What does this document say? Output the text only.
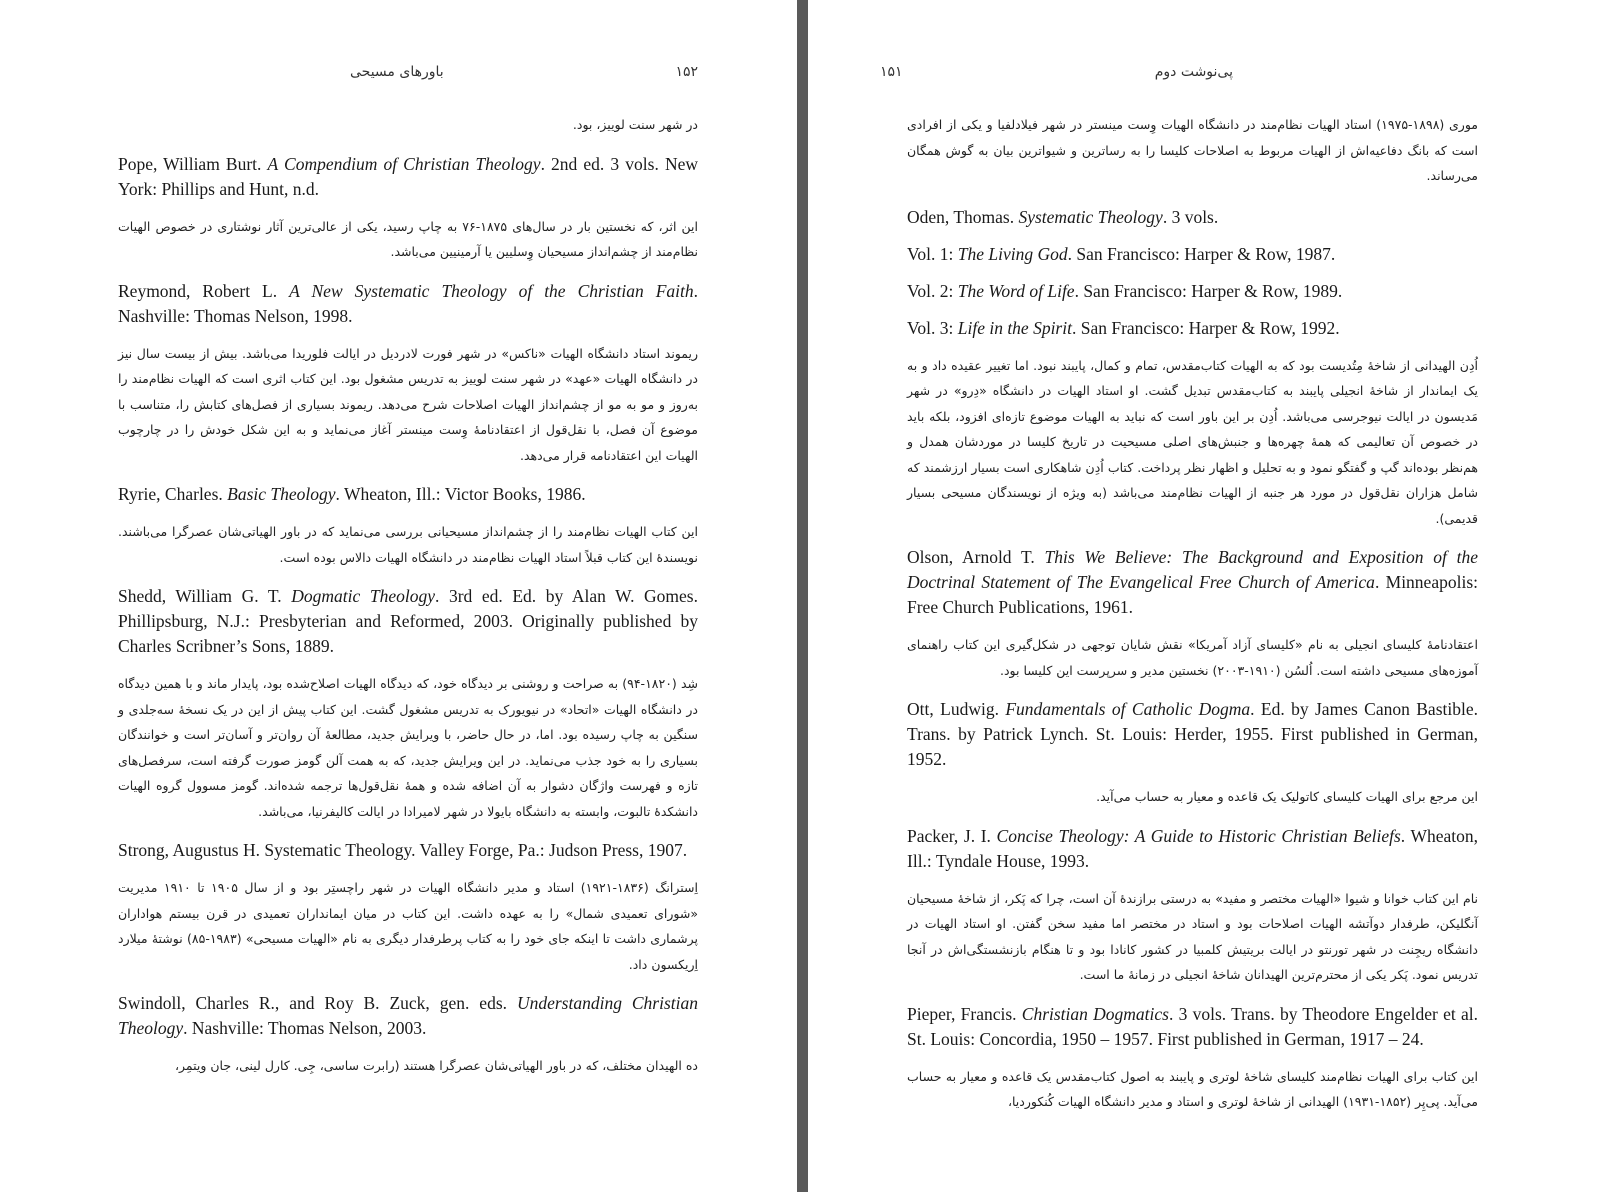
باورهای مسیحی	۱۵۲

در شهر سنت لوییز، بود.

Pope, William Burt. A Compendium of Christian Theology. 2nd ed. 3 vols. New York: Phillips and Hunt, n.d.

این اثر، که نخستین بار در سال‌های ۱۸۷۵-۷۶ به چاپ رسید، یکی از عالی‌ترین آثار نوشتاری در خصوص الهیات نظام‌مند از چشم‌انداز مسیحیان وِسلیین یا آرمینیین می‌باشد.

Reymond, Robert L. A New Systematic Theology of the Christian Faith. Nashville: Thomas Nelson, 1998.

ریموند استاد دانشگاه الهیات «ناکس» در شهر فورت لادردیل در ایالت فلوریدا می‌باشد. بیش از بیست سال نیز در دانشگاه الهیات «عهد» در شهر سنت لوییز به تدریس مشغول بود. این کتاب اثری است که الهیات نظام‌مند را به‌روز و مو به مو از چشم‌انداز الهیات اصلاحات شرح می‌دهد. ریموند بسیاری از فصل‌های کتابش را، متناسب با موضوع آن فصل، با نقل‌قول از اعتقادنامهٔ وِست مینستر آغاز می‌نماید و به این شکل خودش را در چارچوب الهیات این اعتقادنامه قرار می‌دهد.

Ryrie, Charles. Basic Theology. Wheaton, Ill.: Victor Books, 1986.

این کتاب الهیات نظام‌مند را از چشم‌انداز مسیحیانی بررسی می‌نماید که در باور الهیاتی‌شان عصرگرا می‌باشند. نویسندهٔ این کتاب قبلاً استاد الهیات نظام‌مند در دانشگاه الهیات دالاس بوده است.

Shedd, William G. T. Dogmatic Theology. 3rd ed. Ed. by Alan W. Gomes. Phillipsburg, N.J.: Presbyterian and Reformed, 2003. Originally published by Charles Scribner’s Sons, 1889.

شِد (۱۸۲۰-۹۴) به صراحت و روشنی بر دیدگاه خود، که دیدگاه الهیات اصلاح‌شده بود، پایدار ماند و با همین دیدگاه در دانشگاه الهیات «اتحاد» در نیویورک به تدریس مشغول گشت. این کتاب پیش از این در یک نسخهٔ سه‌جلدی و سنگین به چاپ رسیده بود. اما، در حال حاضر، با ویرایش جدید، مطالعهٔ آن روان‌تر و آسان‌تر است و خوانندگان بسیاری را به خود جذب می‌نماید. در این ویرایش جدید، که به همت آلن گومز صورت گرفته است، سرفصل‌های تازه و فهرست واژگان دشوار به آن اضافه شده و همهٔ نقل‌قول‌ها ترجمه شده‌اند. گومز مسوول گروه الهیات دانشکدهٔ تالبوت، وابسته به دانشگاه بایولا در شهر لامیرادا در ایالت کالیفرنیا، می‌باشد.

Strong, Augustus H. Systematic Theology. Valley Forge, Pa.: Judson Press, 1907.

اِسترانگ (۱۸۳۶-۱۹۲۱) استاد و مدیر دانشگاه الهیات در شهر راچستِر بود و از سال ۱۹۰۵ تا ۱۹۱۰ مدیریت «شورای تعمیدی شمال» را به عهده داشت. این کتاب در میان ایمانداران تعمیدی در قرن بیستم هواداران پرشماری داشت تا اینکه جای خود را به کتاب پرطرفدار دیگری به نام «الهیات مسیحی» (۱۹۸۳-۸۵) نوشتهٔ میلارد اِریکسون داد.

Swindoll, Charles R., and Roy B. Zuck, gen. eds. Understanding Christian Theology. Nashville: Thomas Nelson, 2003.

ده الهیدان مختلف، که در باور الهیاتی‌شان عصرگرا هستند (رابرت ساسی، جِی. کارل لینی، جان ویتمِر،

۱۵۱	پی‌نوشت دوم

موری (۱۸۹۸-۱۹۷۵) استاد الهیات نظام‌مند در دانشگاه الهیات وِست مینستر در شهر فیلادلفیا و یکی از افرادی است که بانگ دفاعیه‌اش از الهیات مربوط به اصلاحات کلیسا را به رساترین و شیواترین بیان به گوش همگان می‌رساند.

Oden, Thomas. Systematic Theology. 3 vols.

Vol. 1: The Living God. San Francisco: Harper & Row, 1987.

Vol. 2: The Word of Life. San Francisco: Harper & Row, 1989.

Vol. 3: Life in the Spirit. San Francisco: Harper & Row, 1992.

اُدِن الهیدانی از شاخهٔ مِتُدیست بود که به الهیات کتاب‌مقدس، تمام و کمال، پایبند نبود. اما تغییر عقیده داد و به یک ایماندار از شاخهٔ انجیلی پایبند به کتاب‌مقدس تبدیل گشت. او استاد الهیات در دانشگاه «دِرو» در شهر مَدیسون در ایالت نیوجرسی می‌باشد. اُدِن بر این باور است که نباید به الهیات موضوع تازه‌ای افزود، بلکه باید در خصوص آن تعالیمی که همهٔ چهره‌ها و جنبش‌های اصلی مسیحیت در تاریخ کلیسا در موردشان همدل و هم‌نظر بوده‌اند گپ و گفتگو نمود و به تحلیل و اظهار نظر پرداخت. کتاب اُدِن شاهکاری است بسیار ارزشمند که شامل هزاران نقل‌قول در مورد هر جنبه از الهیات نظام‌مند می‌باشد (به ویژه از نویسندگان مسیحی بسیار قدیمی).

Olson, Arnold T. This We Believe: The Background and Exposition of the Doctrinal Statement of The Evangelical Free Church of America. Minneapolis: Free Church Publications, 1961.

اعتقادنامهٔ کلیسای انجیلی به نام «کلیسای آزاد آمریکا» نقش شایان توجهی در شکل‌گیری این کتاب راهنمای آموزه‌های مسیحی داشته است. اُلسُن (۱۹۱۰-۲۰۰۳) نخستین مدیر و سرپرست این کلیسا بود.

Ott, Ludwig. Fundamentals of Catholic Dogma. Ed. by James Canon Bastible. Trans. by Patrick Lynch. St. Louis: Herder, 1955. First published in German, 1952.

این مرجع برای الهیات کلیسای کاتولیک یک قاعده و معیار به حساب می‌آید.

Packer, J. I. Concise Theology: A Guide to Historic Christian Beliefs. Wheaton, Ill.: Tyndale House, 1993.

نام این کتاب خوانا و شیوا «الهیات مختصر و مفید» به درستی برازندهٔ آن است، چرا که پَکر، از شاخهٔ مسیحیان آنگلیکن، طرفدار دوآتشه الهیات اصلاحات بود و استاد در مختصر اما مفید سخن گفتن. او استاد الهیات در دانشگاه ریجِنت در شهر تورنتو در ایالت بریتیش کلمبیا در کشور کانادا بود و تا هنگام بازنشستگی‌اش در آنجا تدریس نمود. پَکر یکی از محترم‌ترین الهیدانان شاخهٔ انجیلی در زمانهٔ ما است.

Pieper, Francis. Christian Dogmatics. 3 vols. Trans. by Theodore Engelder et al. St. Louis: Concordia, 1950 – 1957. First published in German, 1917 – 24.

این کتاب برای الهیات نظام‌مند کلیسای شاخهٔ لوتری و پایبند به اصول کتاب‌مقدس یک قاعده و معیار به حساب می‌آید. پی‌پِر (۱۸۵۲-۱۹۳۱) الهیدانی از شاخهٔ لوتری و استاد و مدیر دانشگاه الهیات کُنکوردیا،
